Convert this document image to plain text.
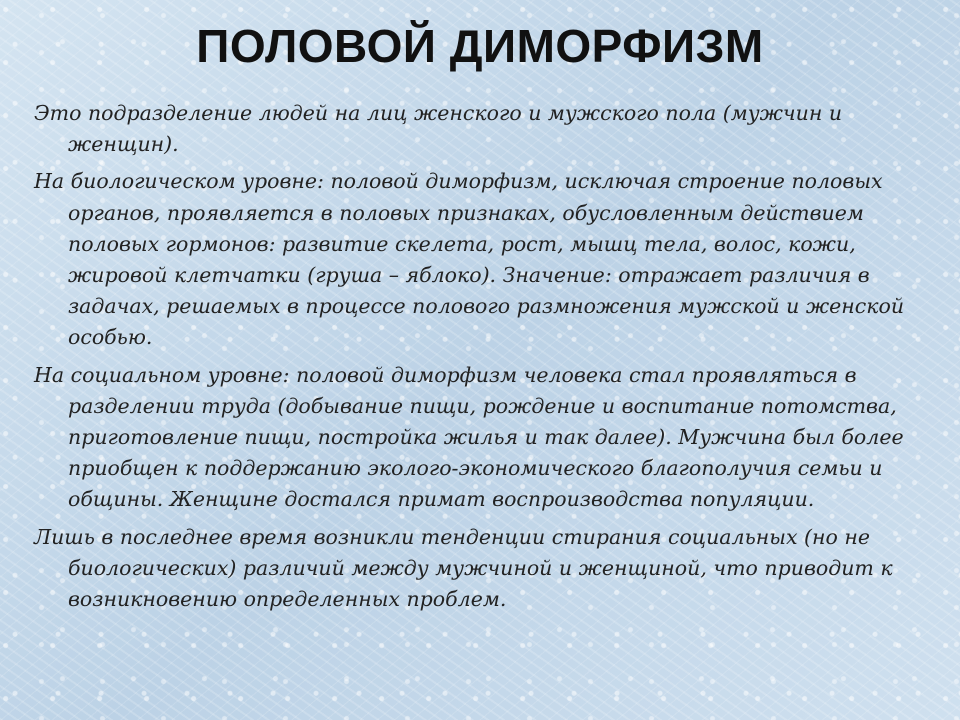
ПОЛОВОЙ ДИМОРФИЗМ

Это подразделение людей на лиц женского и мужского пола (мужчин и женщин).

На биологическом уровне: половой диморфизм, исключая строение половых органов, проявляется в половых признаках, обусловленным действием половых гормонов: развитие скелета, рост, мышц тела, волос, кожи, жировой клетчатки (груша – яблоко). Значение: отражает различия в задачах, решаемых в процессе полового размножения мужской и женской особью.

На социальном уровне: половой диморфизм человека стал проявляться в разделении труда (добывание пищи, рождение и воспитание потомства, приготовление пищи, постройка жилья и так далее). Мужчина был более приобщен к поддержанию эколого-экономического благополучия семьи и общины. Женщине достался примат воспроизводства популяции.

Лишь в последнее время возникли тенденции стирания социальных (но не биологических) различий между мужчиной и женщиной, что приводит к возникновению определенных проблем.
